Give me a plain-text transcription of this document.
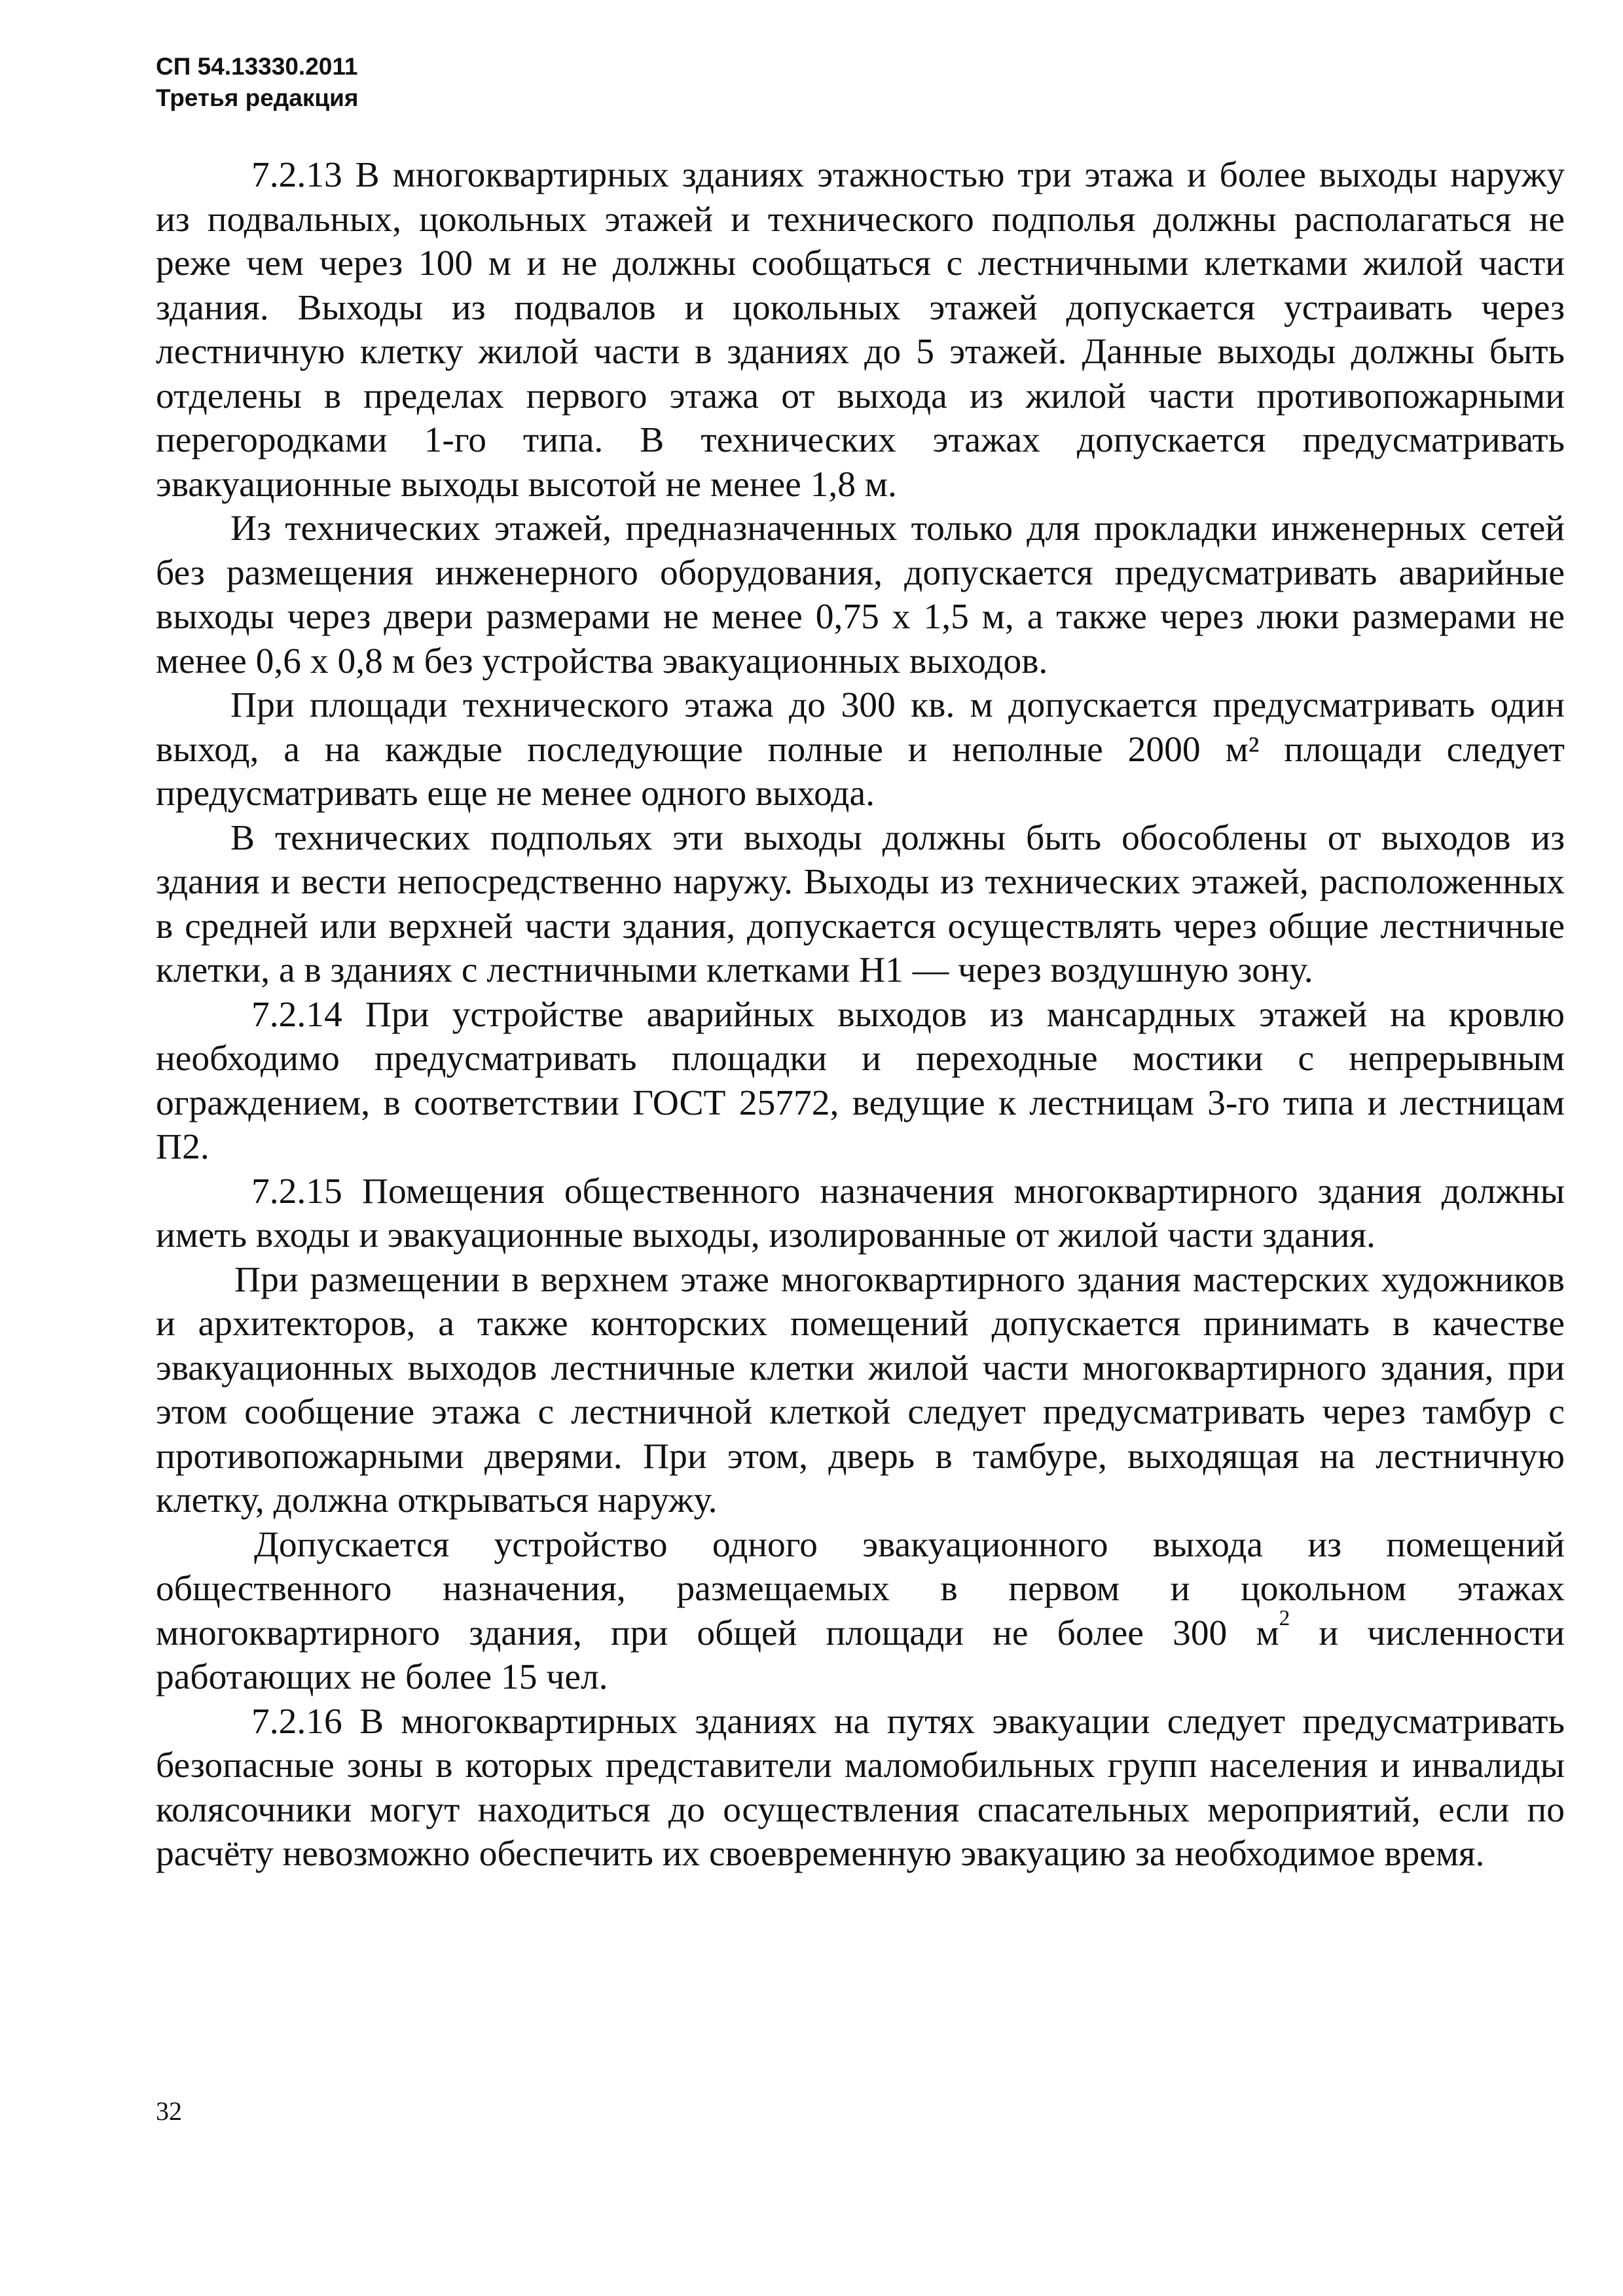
СП 54.13330.2011
Третья редакция

7.2.13 В многоквартирных зданиях этажностью три этажа и более выходы наружу из подвальных, цокольных этажей и технического подполья должны располагаться не реже чем через 100 м и не должны сообщаться с лестничными клетками жилой части здания. Выходы из подвалов и цокольных этажей допускается устраивать через лестничную клетку жилой части в зданиях до 5 этажей. Данные выходы должны быть отделены в пределах первого этажа от выхода из жилой части противопожарными перегородками 1-го типа. В технических этажах допускается предусматривать эвакуационные выходы высотой не менее 1,8 м.

Из технических этажей, предназначенных только для прокладки инженерных сетей без размещения инженерного оборудования, допускается предусматривать аварийные выходы через двери размерами не менее 0,75 х 1,5 м, а также через люки размерами не менее 0,6 х 0,8 м без устройства эвакуационных выходов.

При площади технического этажа до 300 кв. м допускается предусматривать один выход, а на каждые последующие полные и неполные 2000 м² площади следует предусматривать еще не менее одного выхода.

В технических подпольях эти выходы должны быть обособлены от выходов из здания и вести непосредственно наружу. Выходы из технических этажей, расположенных в средней или верхней части здания, допускается осуществлять через общие лестничные клетки, а в зданиях с лестничными клетками Н1 — через воздушную зону.

7.2.14 При устройстве аварийных выходов из мансардных этажей на кровлю необходимо предусматривать площадки и переходные мостики с непрерывным ограждением, в соответствии ГОСТ 25772, ведущие к лестницам 3-го типа и лестницам П2.

7.2.15 Помещения общественного назначения многоквартирного здания должны иметь входы и эвакуационные выходы, изолированные от жилой части здания.

При размещении в верхнем этаже многоквартирного здания мастерских художников и архитекторов, а также конторских помещений допускается принимать в качестве эвакуационных выходов лестничные клетки жилой части многоквартирного здания, при этом сообщение этажа с лестничной клеткой следует предусматривать через тамбур с противопожарными дверями. При этом, дверь в тамбуре, выходящая на лестничную клетку, должна открываться наружу.

Допускается устройство одного эвакуационного выхода из помещений общественного назначения, размещаемых в первом и цокольном этажах многоквартирного здания, при общей площади не более 300 $м^2$ и численности работающих не более 15 чел.

7.2.16 В многоквартирных зданиях на путях эвакуации следует предусматривать безопасные зоны в которых представители маломобильных групп населения и инвалиды колясочники могут находиться до осуществления спасательных мероприятий, если по расчёту невозможно обеспечить их своевременную эвакуацию за необходимое время.

32
